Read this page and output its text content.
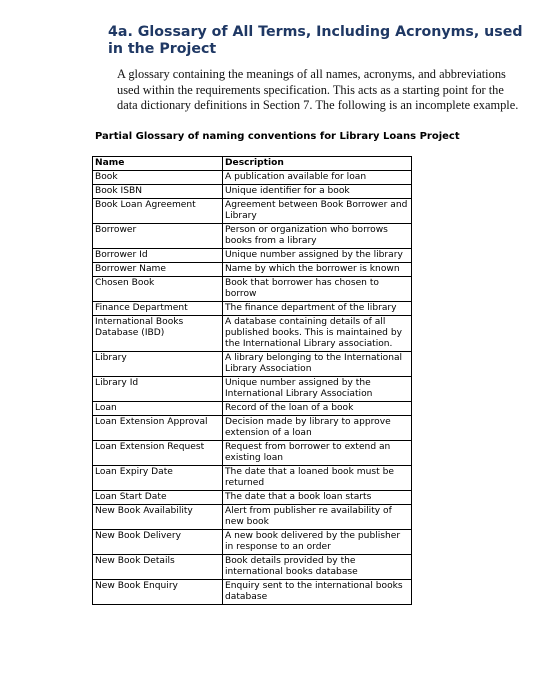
4a. Glossary of All Terms, Including Acronyms, used in the Project
A glossary containing the meanings of all names, acronyms, and abbreviations used within the requirements specification. This acts as a starting point for the data dictionary definitions in Section 7. The following is an incomplete example.
Partial Glossary of naming conventions for Library Loans Project
Name	Description
Book	A publication available for loan
Book ISBN	Unique identifier for a book
Book Loan Agreement	Agreement between Book Borrower and Library
Borrower	Person or organization who borrows books from a library
Borrower Id	Unique number assigned by the library
Borrower Name	Name by which the borrower is known
Chosen Book	Book that borrower has chosen to borrow
Finance Department	The finance department of the library
International Books Database (IBD)	A database containing details of all published books. This is maintained by the International Library association.
Library	A library belonging to the International Library Association
Library Id	Unique number assigned by the International Library Association
Loan	Record of the loan of a book
Loan Extension Approval	Decision made by library to approve extension of a loan
Loan Extension Request	Request from borrower to extend an existing loan
Loan Expiry Date	The date that a loaned book must be returned
Loan Start Date	The date that a book loan starts
New Book Availability	Alert from publisher re availability of new book
New Book Delivery	A new book delivered by the publisher in response to an order
New Book Details	Book details provided by the international books database
New Book Enquiry	Enquiry sent to the international books database
